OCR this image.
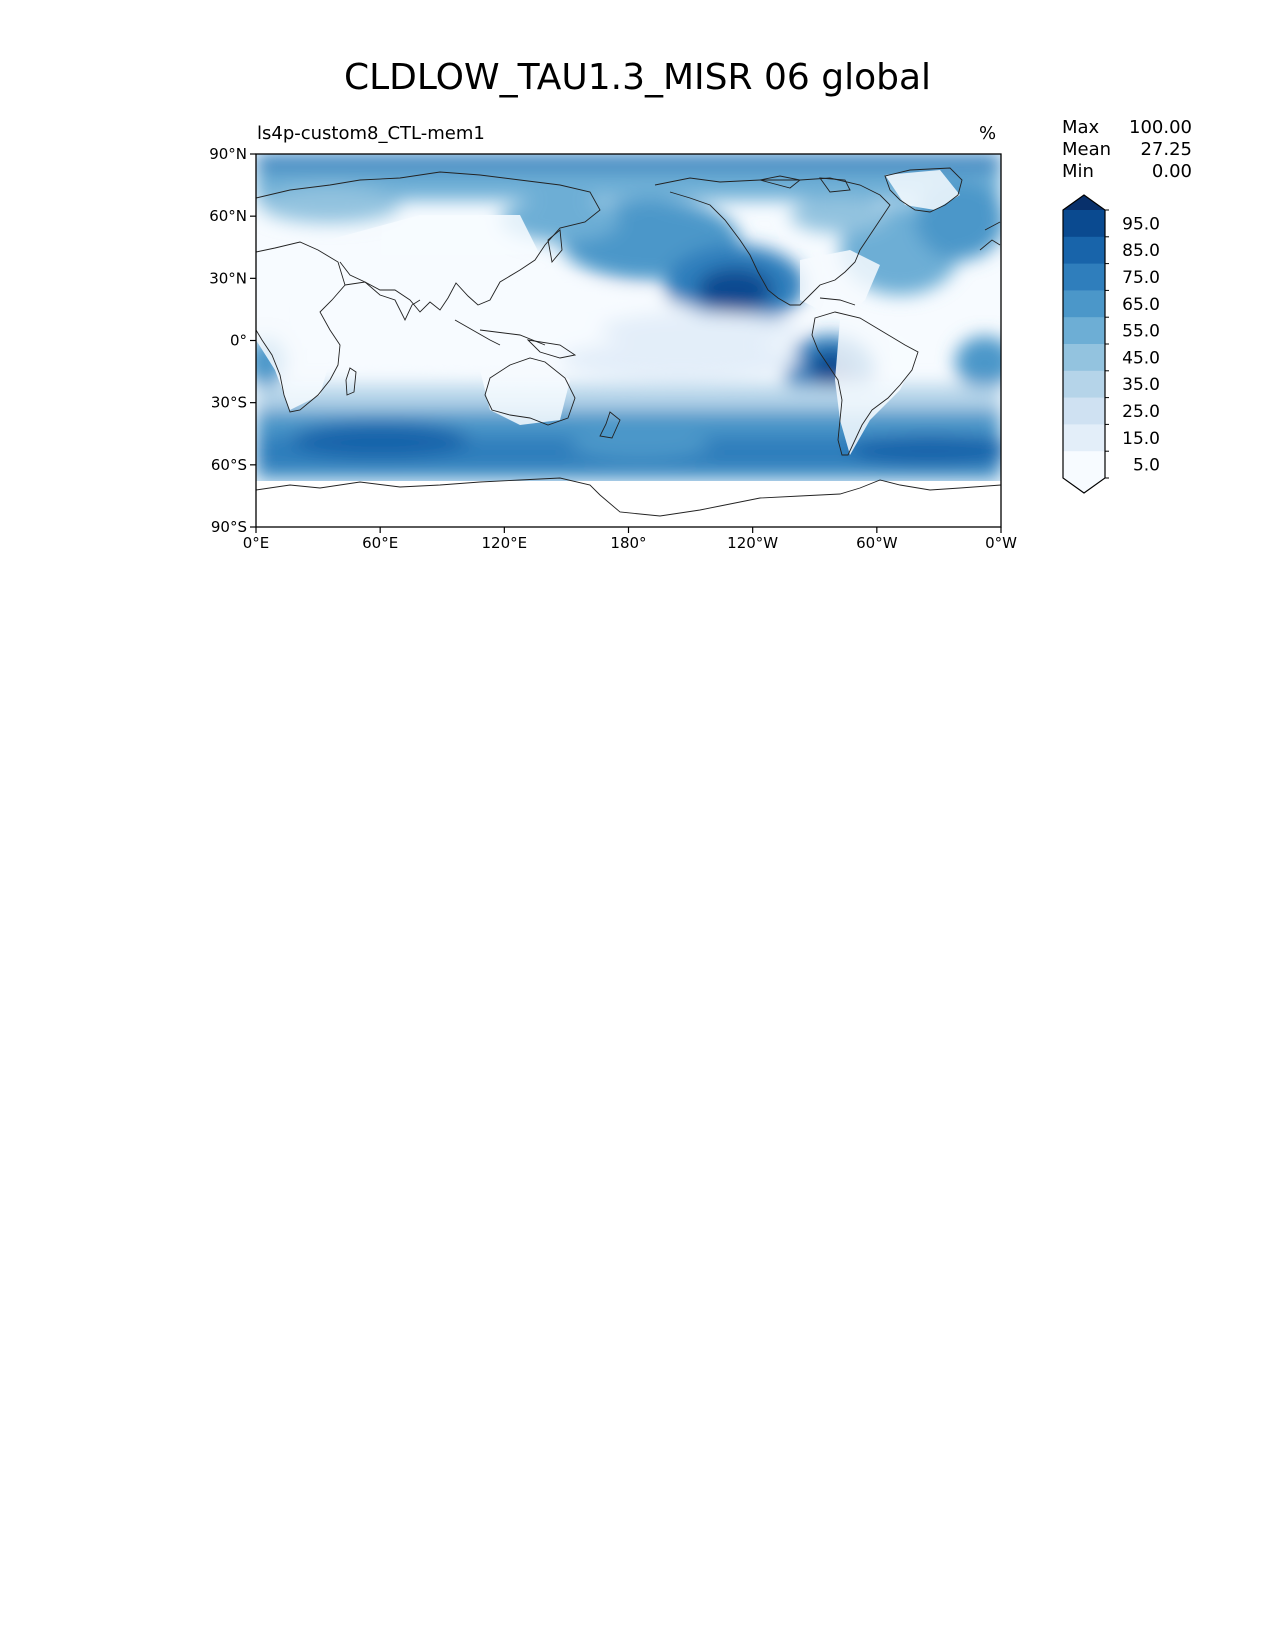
CLDLOW_TAU1.3_MISR 06 global
ls4p-custom8_CTL-mem1	%	Max 100.00
Mean 27.25
Min	0.00
0°E	60°E	120°E	180°	120°W	60°W	0°W
90°N
60°N
30°N
0°
30°S
60°S
90°S
95.0
85.0
75.0
65.0
55.0
45.0
35.0
25.0
15.0
5.0
